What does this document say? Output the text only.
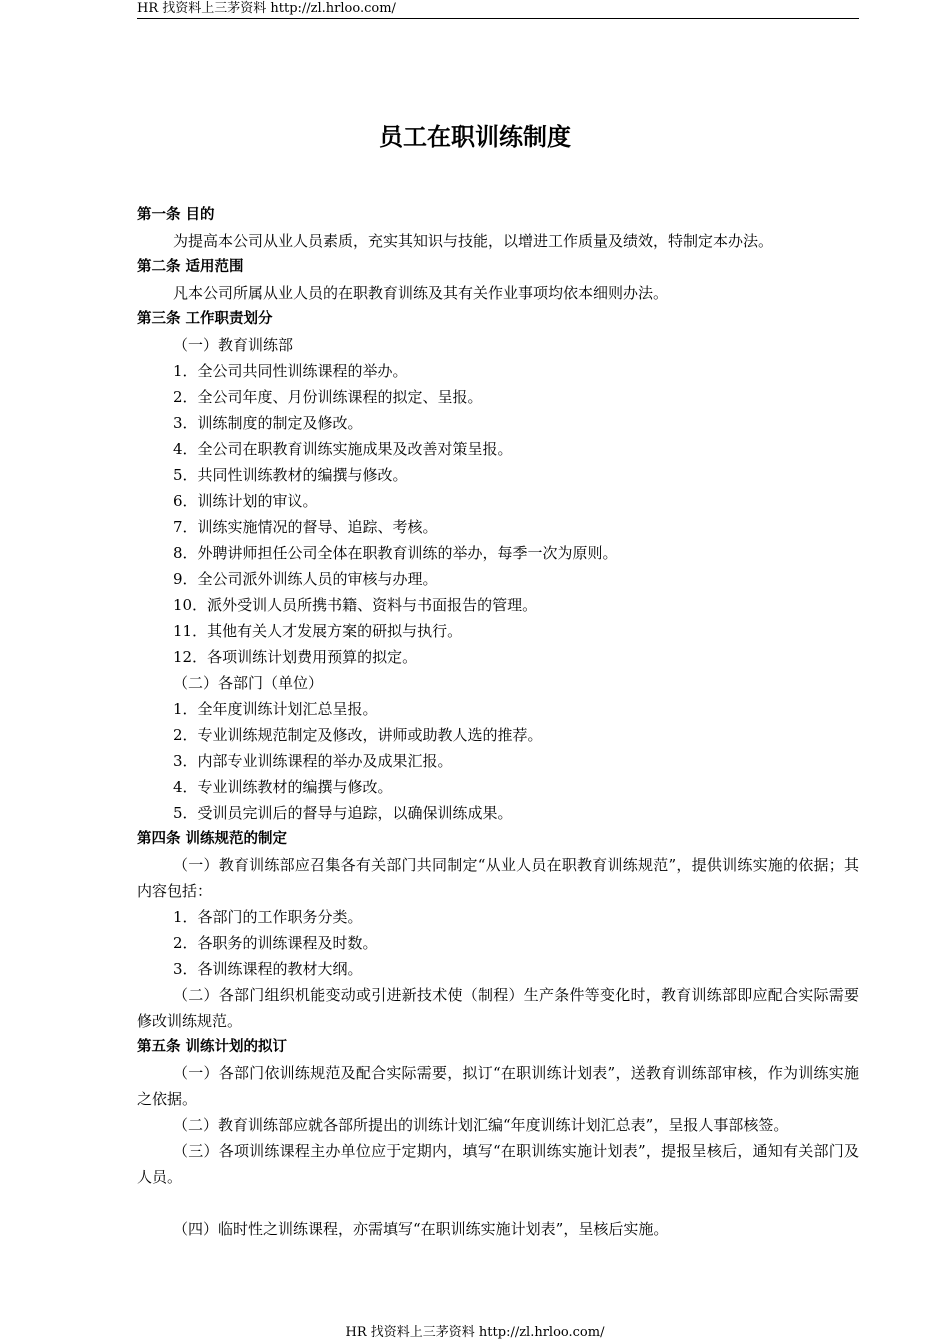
HR 找资料上三茅资料 http://zl.hrloo.com/
员工在职训练制度

第一条 目的

为提高本公司从业人员素质，充实其知识与技能，以增进工作质量及绩效，特制定本办法。

第二条 适用范围

凡本公司所属从业人员的在职教育训练及其有关作业事项均依本细则办法。

第三条 工作职责划分

（一）教育训练部

1．全公司共同性训练课程的举办。

2．全公司年度、月份训练课程的拟定、呈报。

3．训练制度的制定及修改。

4．全公司在职教育训练实施成果及改善对策呈报。

5．共同性训练教材的编撰与修改。

6．训练计划的审议。

7．训练实施情况的督导、追踪、考核。

8．外聘讲师担任公司全体在职教育训练的举办，每季一次为原则。

9．全公司派外训练人员的审核与办理。

10．派外受训人员所携书籍、资料与书面报告的管理。

11．其他有关人才发展方案的研拟与执行。

12．各项训练计划费用预算的拟定。

（二）各部门（单位）

1．全年度训练计划汇总呈报。

2．专业训练规范制定及修改，讲师或助教人选的推荐。

3．内部专业训练课程的举办及成果汇报。

4．专业训练教材的编撰与修改。

5．受训员完训后的督导与追踪，以确保训练成果。

第四条 训练规范的制定

（一）教育训练部应召集各有关部门共同制定“从业人员在职教育训练规范”，提供训练实施的依据；其内容包括：

1．各部门的工作职务分类。

2．各职务的训练课程及时数。

3．各训练课程的教材大纲。

（二）各部门组织机能变动或引进新技术使（制程）生产条件等变化时，教育训练部即应配合实际需要修改训练规范。

第五条 训练计划的拟订

（一）各部门依训练规范及配合实际需要，拟订“在职训练计划表”，送教育训练部审核，作为训练实施之依据。

（二）教育训练部应就各部所提出的训练计划汇编“年度训练计划汇总表”，呈报人事部核签。

（三）各项训练课程主办单位应于定期内，填写“在职训练实施计划表”，提报呈核后，通知有关部门及人员。

（四）临时性之训练课程，亦需填写“在职训练实施计划表”，呈核后实施。

HR 找资料上三茅资料 http://zl.hrloo.com/
